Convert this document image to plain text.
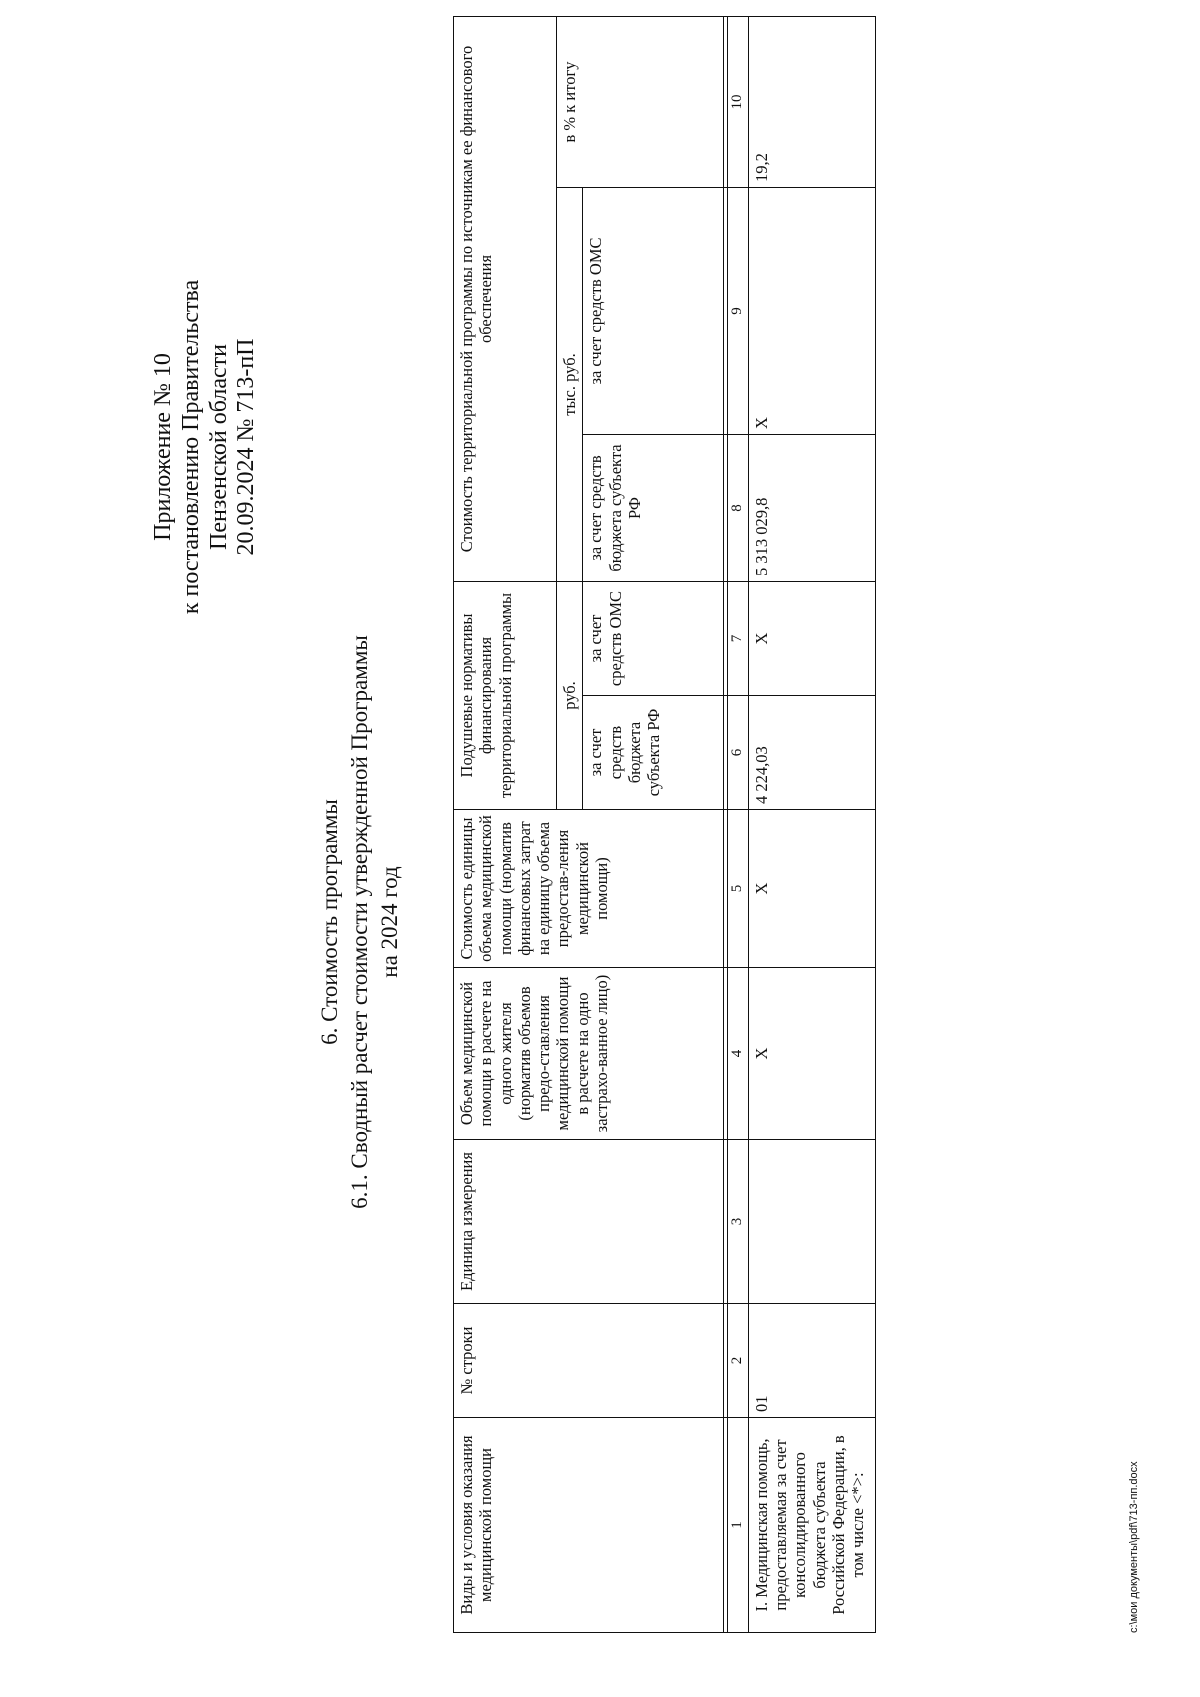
Приложение № 10 к постановлению Правительства Пензенской области 20.09.2024 № 713-пП
6. Стоимость программы 6.1. Сводный расчет стоимости утвержденной Программы на 2024 год
Виды и условия оказания медицинской помощи	№ строки	Единица измерения	Объем медицинской помощи в расчете на одного жителя (норматив объемов предо-ставления медицинской помощи в расчете на одно застрахо-ванное лицо)	Стоимость единицы объема медицинской помощи (норматив финансовых затрат на единицу объема предостав-ления медицинской помощи)	Подушевые нормативы финансирования территориальной программы		Стоимость территориальной программы по источникам ее финансового обеспечения		
					руб.		тыс. руб.		в % к итогу
					за счет средств бюджета субъекта РФ	за счет средств ОМС	за счет средств бюджета субъекта РФ	за счет средств ОМС	

1	2	3	4	5	6	7	8	9	10
I. Медицинская помощь, предоставляемая за счет консолидированного бюджета субъекта Российской Федерации, в том числе <*>:	01		Х	Х	4 224,03	Х	5 313 029,8	Х	19,2
c:\мои документы\pdf\713-пп.docx
